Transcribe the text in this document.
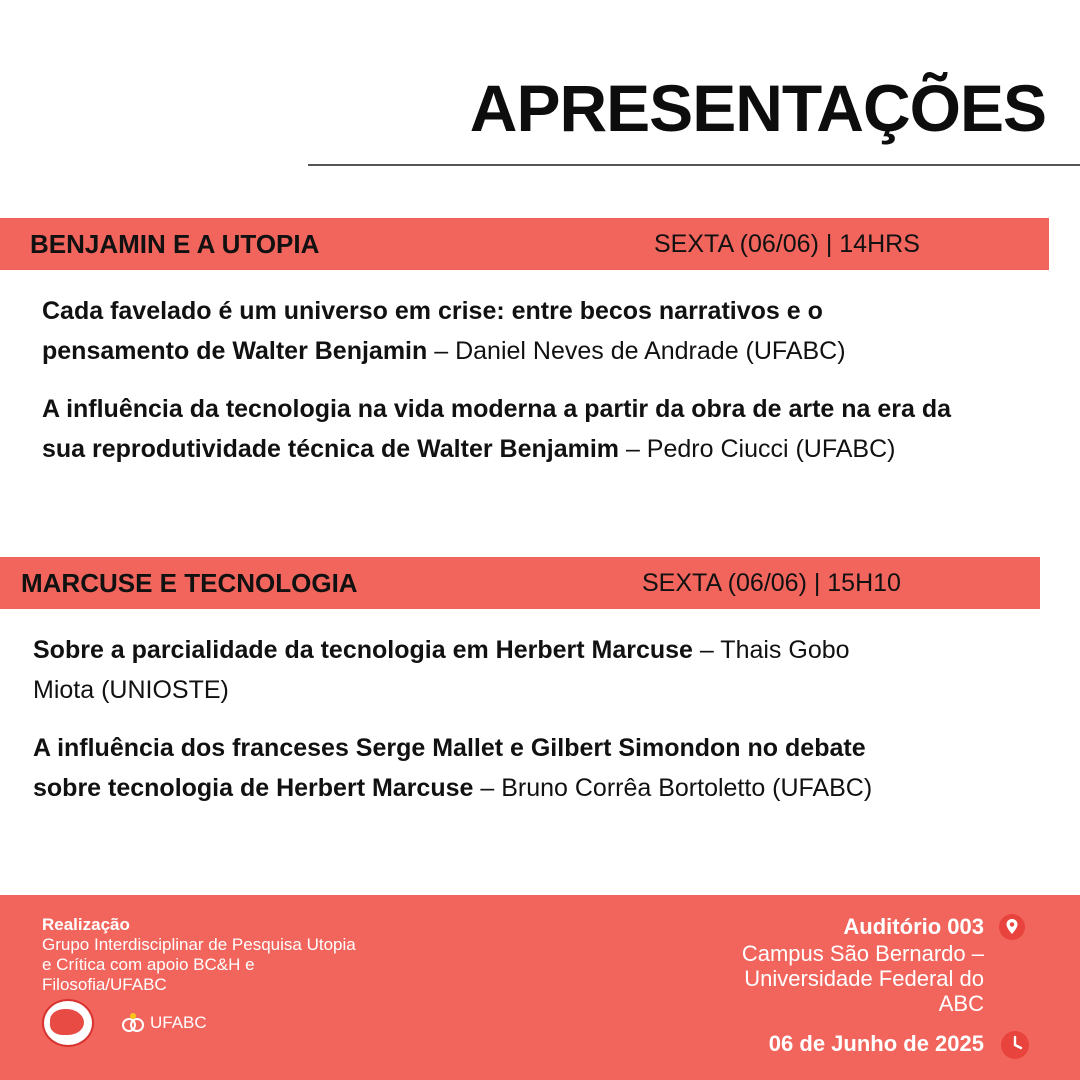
APRESENTAÇÕES
BENJAMIN E A UTOPIA	SEXTA (06/06) | 14HRS

Cada favelado é um universo em crise: entre becos narrativos e o pensamento de Walter Benjamin – Daniel Neves de Andrade (UFABC)

A influência da tecnologia na vida moderna a partir da obra de arte na era da sua reprodutividade técnica de Walter Benjamim – Pedro Ciucci (UFABC)

MARCUSE E TECNOLOGIA	SEXTA (06/06) | 15H10

Sobre a parcialidade da tecnologia em Herbert Marcuse – Thais Gobo Miota (UNIOSTE)

A influência dos franceses Serge Mallet e Gilbert Simondon no debate sobre tecnologia de Herbert Marcuse – Bruno Corrêa Bortoletto (UFABC)

Realização
Grupo Interdisciplinar de Pesquisa Utopia e Crítica com apoio BC&H e Filosofia/UFABC
UFABC
Auditório 003
Campus São Bernardo – Universidade Federal do ABC
06 de Junho de 2025
